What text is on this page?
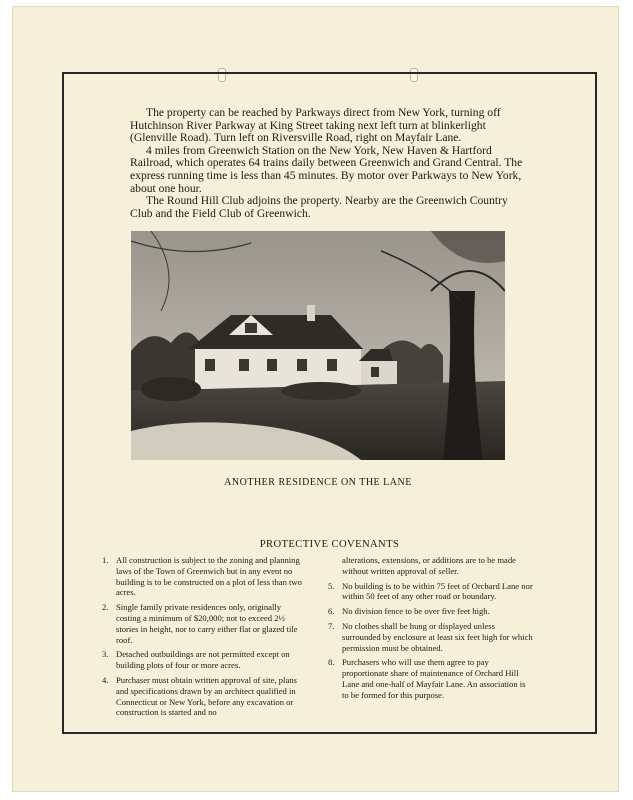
The property can be reached by Parkways direct from New York, turning off Hutchinson River Parkway at King Street taking next left turn at blinkerlight (Glenville Road). Turn left on Riversville Road, right on Mayfair Lane.

4 miles from Greenwich Station on the New York, New Haven & Hartford Railroad, which operates 64 trains daily between Greenwich and Grand Central. The express running time is less than 45 minutes. By motor over Parkways to New York, about one hour.

The Round Hill Club adjoins the property. Nearby are the Greenwich Country Club and the Field Club of Greenwich.

ANOTHER RESIDENCE ON THE LANE
PROTECTIVE COVENANTS
1. All construction is subject to the zoning and planning laws of the Town of Greenwich but in any event no building is to be constructed on a plot of less than two acres.
2. Single family private residences only, originally costing a minimum of $20,000; not to exceed 2½ stories in height, nor to carry either flat or glazed tile roof.
3. Detached outbuildings are not permitted except on building plots of four or more acres.
4. Purchaser must obtain written approval of site, plans and specifications drawn by an architect qualified in Connecticut or New York, before any excavation or construction is started and no
alterations, extensions, or additions are to be made without written approval of seller.
5. No building is to be within 75 feet of Orchard Lane nor within 50 feet of any other road or boundary.
6. No division fence to be over five feet high.
7. No clothes shall be hung or displayed unless surrounded by enclosure at least six feet high for which permission must be obtained.
8. Purchasers who will use them agree to pay proportionate share of maintenance of Orchard Hill Lane and one-half of Mayfair Lane. An association is to be formed for this purpose.
